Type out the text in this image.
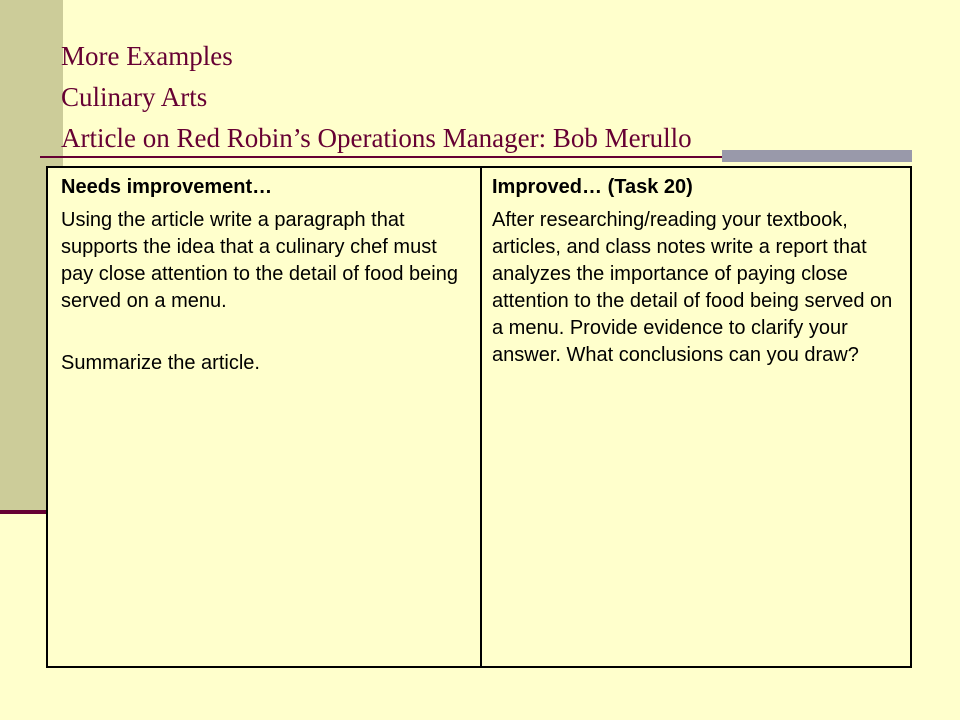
More Examples
Culinary Arts
Article on Red Robin’s Operations Manager: Bob Merullo
Needs improvement…

Using the article write a paragraph that supports the idea that a culinary chef must pay close attention to the detail of food being served on a menu.

Summarize the article.

Improved… (Task 20)

After researching/reading your textbook, articles, and class notes write a report that analyzes the importance of paying close attention to the detail of food being served on a menu. Provide evidence to clarify your answer. What conclusions can you draw?
